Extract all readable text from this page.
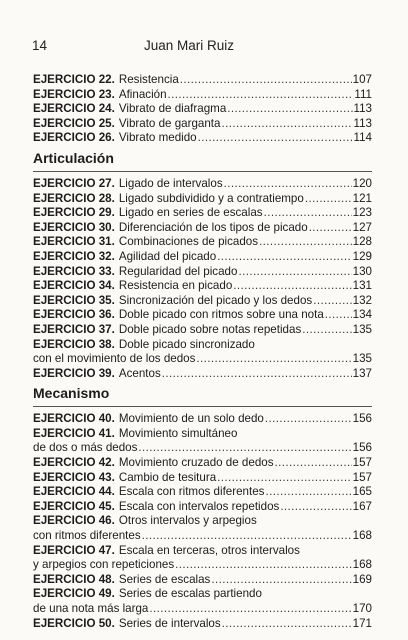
14	Juan Mari Ruiz
EJERCICIO 22. Resistencia .....	107
EJERCICIO 23. Afinación .....	111
EJERCICIO 24. Vibrato de diafragma .....	113
EJERCICIO 25. Vibrato de garganta .....	113
EJERCICIO 26. Vibrato medido .....	114
Articulación
EJERCICIO 27. Ligado de intervalos .....	120
EJERCICIO 28. Ligado subdividido y a contratiempo .....	121
EJERCICIO 29. Ligado en series de escalas .....	123
EJERCICIO 30. Diferenciación de los tipos de picado .....	127
EJERCICIO 31. Combinaciones de picados .....	128
EJERCICIO 32. Agilidad del picado .....	129
EJERCICIO 33. Regularidad del picado .....	130
EJERCICIO 34. Resistencia en picado .....	131
EJERCICIO 35. Sincronización del picado y los dedos .....	132
EJERCICIO 36. Doble picado con ritmos sobre una nota ..... 134
EJERCICIO 37. Doble picado sobre notas repetidas .....	135
EJERCICIO 38. Doble picado sincronizado
con el movimiento de los dedos .....	135
EJERCICIO 39. Acentos .....	137
Mecanismo
EJERCICIO 40. Movimiento de un solo dedo .....	156
EJERCICIO 41. Movimiento simultáneo
de dos o más dedos .....	156
EJERCICIO 42. Movimiento cruzado de dedos .....	157
EJERCICIO 43. Cambio de tesitura .....	157
EJERCICIO 44. Escala con ritmos diferentes .....	165
EJERCICIO 45. Escala con intervalos repetidos .....	167
EJERCICIO 46. Otros intervalos y arpegios
con ritmos diferentes .....	168
EJERCICIO 47. Escala en terceras, otros intervalos
y arpegios con repeticiones .....	168
EJERCICIO 48. Series de escalas .....	169
EJERCICIO 49. Series de escalas partiendo
de una nota más larga .....	170
EJERCICIO 50. Series de intervalos .....	171
